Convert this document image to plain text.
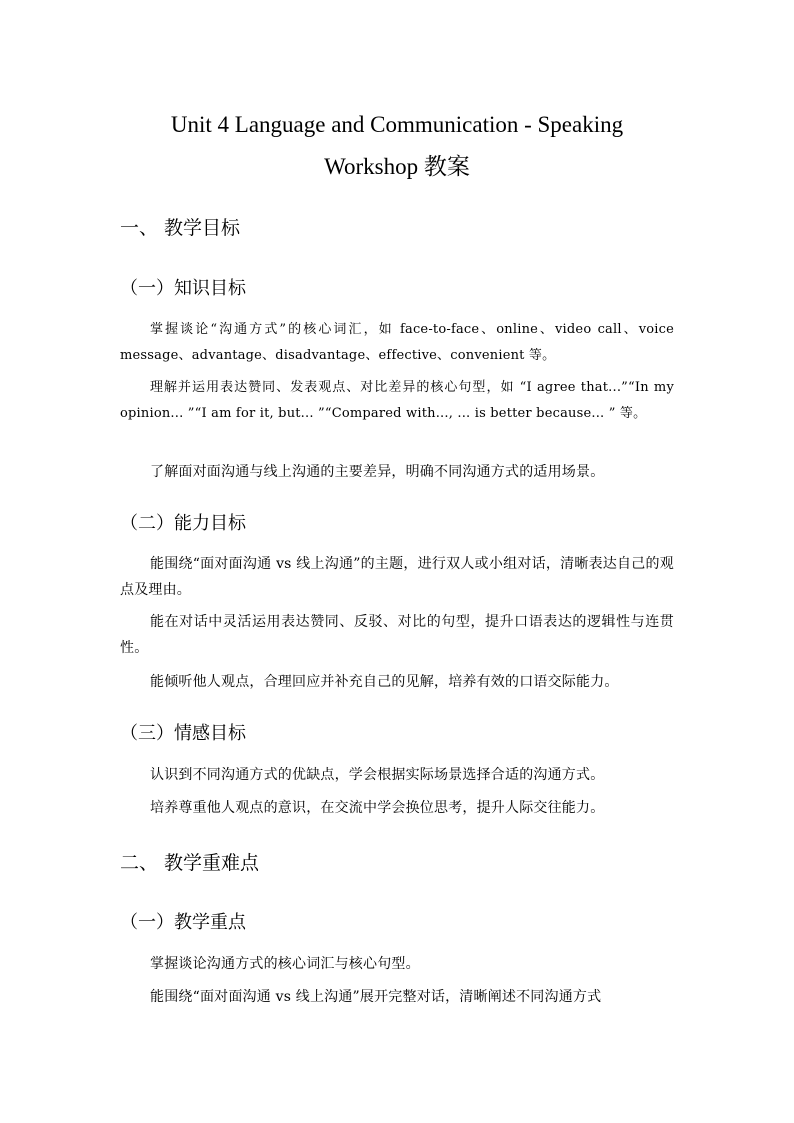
Unit 4 Language and Communication - Speaking
Workshop 教案
一、 教学目标
（一）知识目标
掌握谈论“沟通方式”的核心词汇，如 face-to-face、online、video call、voice message、advantage、disadvantage、effective、convenient 等。
理解并运用表达赞同、发表观点、对比差异的核心句型，如 “I agree that...”“In my opinion... ”“I am for it, but... ”“Compared with..., ... is better because... ” 等。
了解面对面沟通与线上沟通的主要差异，明确不同沟通方式的适用场景。
（二）能力目标
能围绕“面对面沟通 vs 线上沟通”的主题，进行双人或小组对话，清晰表达自己的观点及理由。
能在对话中灵活运用表达赞同、反驳、对比的句型，提升口语表达的逻辑性与连贯性。
能倾听他人观点，合理回应并补充自己的见解，培养有效的口语交际能力。
（三）情感目标
认识到不同沟通方式的优缺点，学会根据实际场景选择合适的沟通方式。
培养尊重他人观点的意识，在交流中学会换位思考，提升人际交往能力。
二、 教学重难点
（一）教学重点
掌握谈论沟通方式的核心词汇与核心句型。
能围绕“面对面沟通 vs 线上沟通”展开完整对话，清晰阐述不同沟通方式
